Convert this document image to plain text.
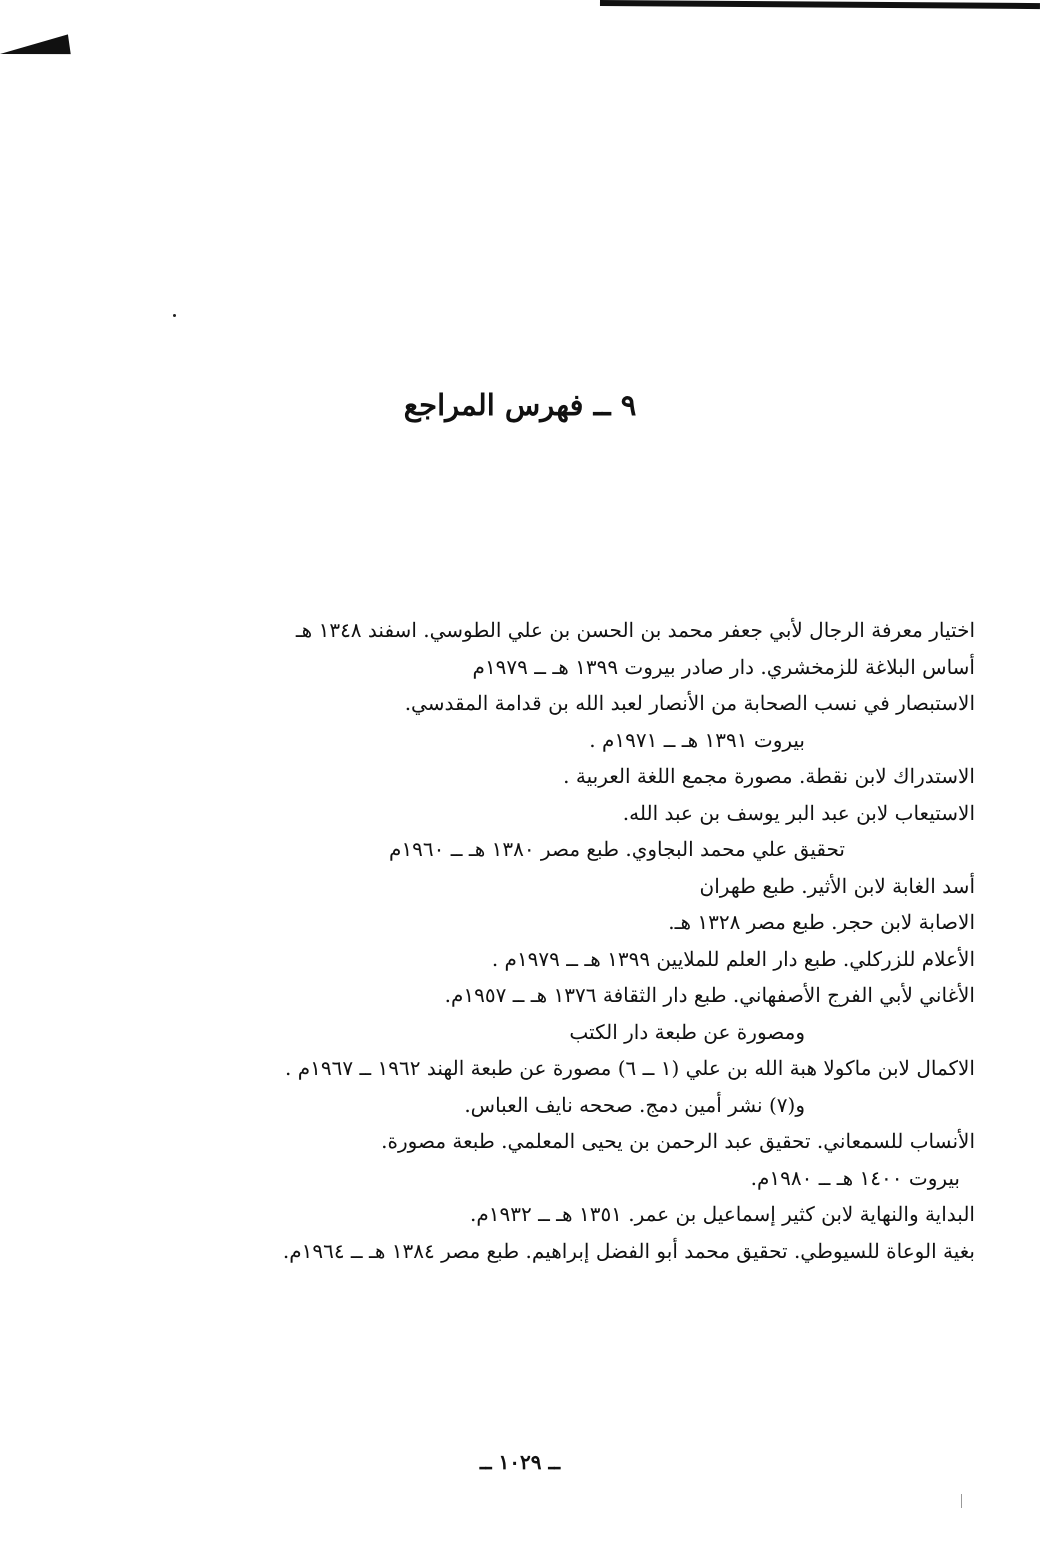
٩ ــ فهرس المراجع
اختيار معرفة الرجال لأبي جعفر محمد بن الحسن بن علي الطوسي. اسفند ١٣٤٨ هـ
أساس البلاغة للزمخشري. دار صادر بيروت ١٣٩٩ هـ ــ ١٩٧٩م
الاستبصار في نسب الصحابة من الأنصار لعبد الله بن قدامة المقدسي.
بيروت ١٣٩١ هـ ــ ١٩٧١م .
الاستدراك لابن نقطة. مصورة مجمع اللغة العربية .
الاستيعاب لابن عبد البر يوسف بن عبد الله.
تحقيق علي محمد البجاوي. طبع مصر ١٣٨٠ هـ ــ ١٩٦٠م
أسد الغابة لابن الأثير. طبع طهران
الاصابة لابن حجر. طبع مصر ١٣٢٨ هـ.
الأعلام للزركلي. طبع دار العلم للملايين ١٣٩٩ هـ ــ ١٩٧٩م .
الأغاني لأبي الفرج الأصفهاني. طبع دار الثقافة ١٣٧٦ هـ ــ ١٩٥٧م.
ومصورة عن طبعة دار الكتب
الاكمال لابن ماكولا هبة الله بن علي (١ ــ ٦) مصورة عن طبعة الهند ١٩٦٢ ــ ١٩٦٧م .
و(٧) نشر أمين دمج. صححه نايف العباس.
الأنساب للسمعاني. تحقيق عبد الرحمن بن يحيى المعلمي. طبعة مصورة.
بيروت ١٤٠٠ هـ ــ ١٩٨٠م.
البداية والنهاية لابن كثير إسماعيل بن عمر. ١٣٥١ هـ ــ ١٩٣٢م.
بغية الوعاة للسيوطي. تحقيق محمد أبو الفضل إبراهيم. طبع مصر ١٣٨٤ هـ ــ ١٩٦٤م.
ــ ١٠٢٩ ــ
